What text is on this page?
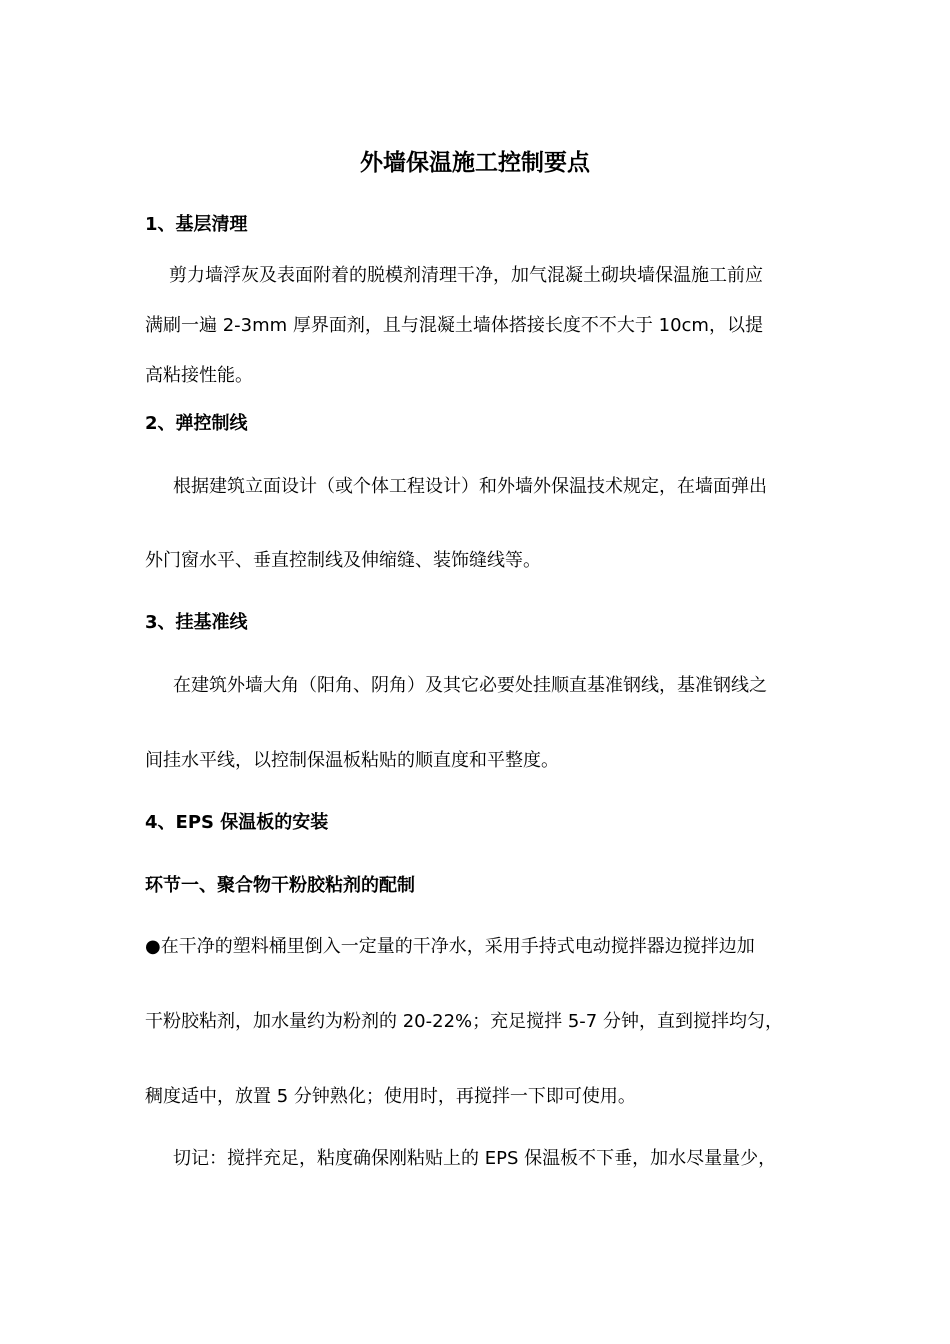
外墙保温施工控制要点
1、基层清理
剪力墙浮灰及表面附着的脱模剂清理干净，加气混凝土砌块墙保温施工前应
满刷一遍 2-3mm 厚界面剂，且与混凝土墙体搭接长度不不大于 10cm，以提
高粘接性能。
2、弹控制线
根据建筑立面设计（或个体工程设计）和外墙外保温技术规定，在墙面弹出
外门窗水平、垂直控制线及伸缩缝、装饰缝线等。
3、挂基准线
在建筑外墙大角（阳角、阴角）及其它必要处挂顺直基准钢线，基准钢线之
间挂水平线，以控制保温板粘贴的顺直度和平整度。
4、EPS 保温板的安装
环节一、聚合物干粉胶粘剂的配制
●在干净的塑料桶里倒入一定量的干净水，采用手持式电动搅拌器边搅拌边加
干粉胶粘剂，加水量约为粉剂的 20-22%；充足搅拌 5-7 分钟，直到搅拌均匀，
稠度适中，放置 5 分钟熟化；使用时，再搅拌一下即可使用。
切记：搅拌充足，粘度确保刚粘贴上的 EPS 保温板不下垂，加水尽量量少，
